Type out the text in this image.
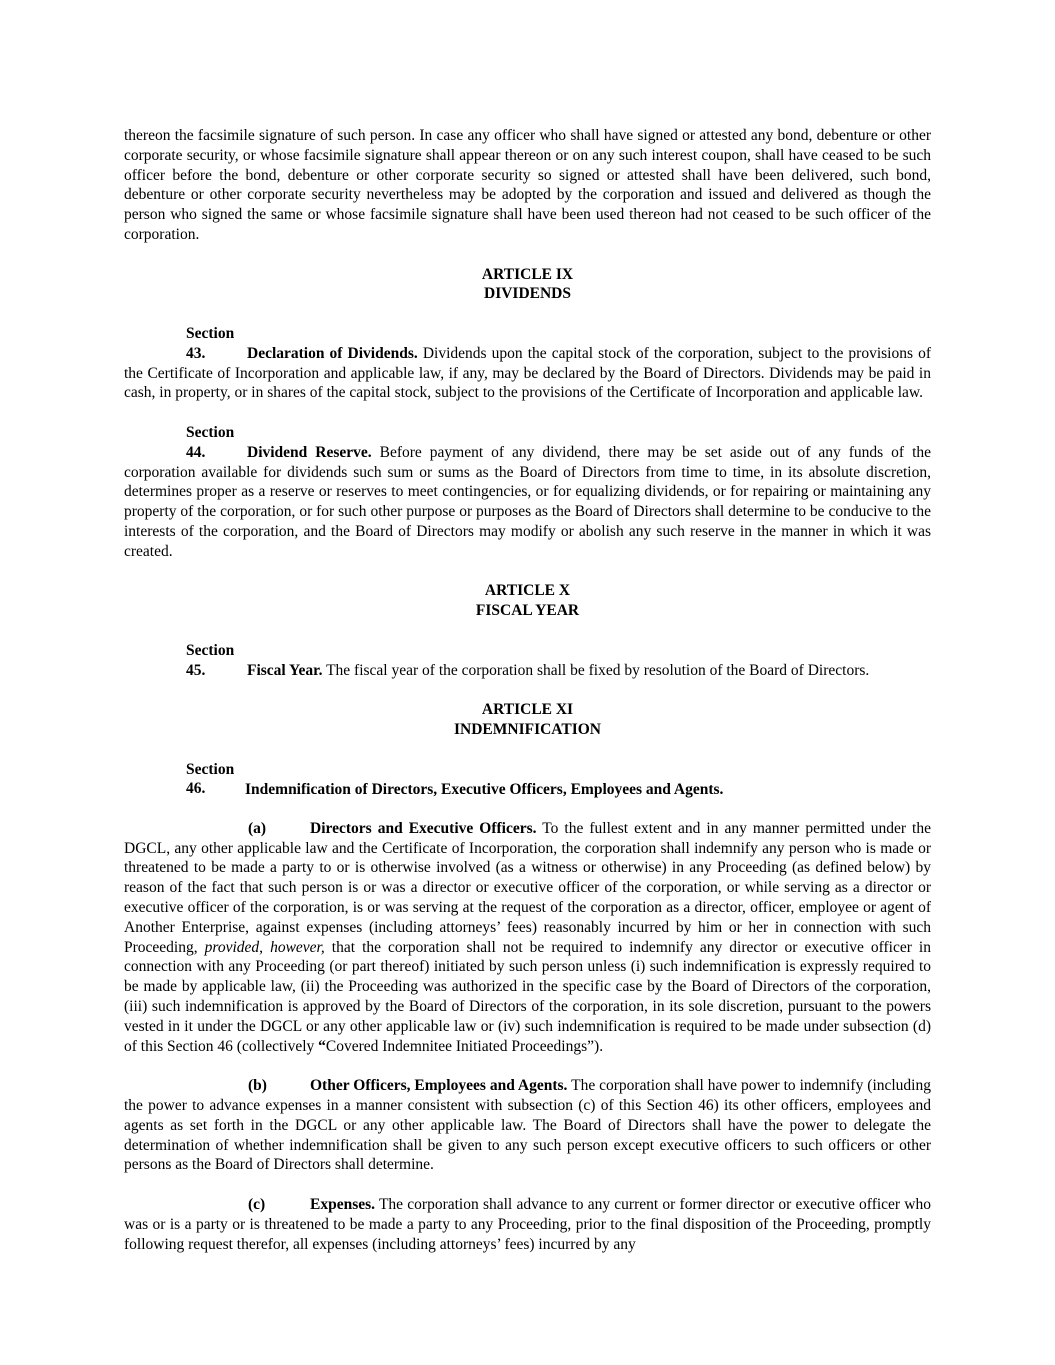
thereon the facsimile signature of such person. In case any officer who shall have signed or attested any bond, debenture or other corporate security, or whose facsimile signature shall appear thereon or on any such interest coupon, shall have ceased to be such officer before the bond, debenture or other corporate security so signed or attested shall have been delivered, such bond, debenture or other corporate security nevertheless may be adopted by the corporation and issued and delivered as though the person who signed the same or whose facsimile signature shall have been used thereon had not ceased to be such officer of the corporation.

ARTICLE IX
DIVIDENDS

Section 43.	Declaration of Dividends. Dividends upon the capital stock of the corporation, subject to the provisions of the Certificate of Incorporation and applicable law, if any, may be declared by the Board of Directors. Dividends may be paid in cash, in property, or in shares of the capital stock, subject to the provisions of the Certificate of Incorporation and applicable law.

Section 44.	Dividend Reserve. Before payment of any dividend, there may be set aside out of any funds of the corporation available for dividends such sum or sums as the Board of Directors from time to time, in its absolute discretion, determines proper as a reserve or reserves to meet contingencies, or for equalizing dividends, or for repairing or maintaining any property of the corporation, or for such other purpose or purposes as the Board of Directors shall determine to be conducive to the interests of the corporation, and the Board of Directors may modify or abolish any such reserve in the manner in which it was created.

ARTICLE X
FISCAL YEAR

Section 45.	Fiscal Year. The fiscal year of the corporation shall be fixed by resolution of the Board of Directors.

ARTICLE XI
INDEMNIFICATION

Section 46.	Indemnification of Directors, Executive Officers, Employees and Agents.

(a)	Directors and Executive Officers. To the fullest extent and in any manner permitted under the DGCL, any other applicable law and the Certificate of Incorporation, the corporation shall indemnify any person who is made or threatened to be made a party to or is otherwise involved (as a witness or otherwise) in any Proceeding (as defined below) by reason of the fact that such person is or was a director or executive officer of the corporation, or while serving as a director or executive officer of the corporation, is or was serving at the request of the corporation as a director, officer, employee or agent of Another Enterprise, against expenses (including attorneys’ fees) reasonably incurred by him or her in connection with such Proceeding, provided, however, that the corporation shall not be required to indemnify any director or executive officer in connection with any Proceeding (or part thereof) initiated by such person unless (i) such indemnification is expressly required to be made by applicable law, (ii) the Proceeding was authorized in the specific case by the Board of Directors of the corporation, (iii) such indemnification is approved by the Board of Directors of the corporation, in its sole discretion, pursuant to the powers vested in it under the DGCL or any other applicable law or (iv) such indemnification is required to be made under subsection (d) of this Section 46 (collectively “Covered Indemnitee Initiated Proceedings”).

(b)	Other Officers, Employees and Agents. The corporation shall have power to indemnify (including the power to advance expenses in a manner consistent with subsection (c) of this Section 46) its other officers, employees and agents as set forth in the DGCL or any other applicable law. The Board of Directors shall have the power to delegate the determination of whether indemnification shall be given to any such person except executive officers to such officers or other persons as the Board of Directors shall determine.

(c)	Expenses. The corporation shall advance to any current or former director or executive officer who was or is a party or is threatened to be made a party to any Proceeding, prior to the final disposition of the Proceeding, promptly following request therefor, all expenses (including attorneys’ fees) incurred by any
